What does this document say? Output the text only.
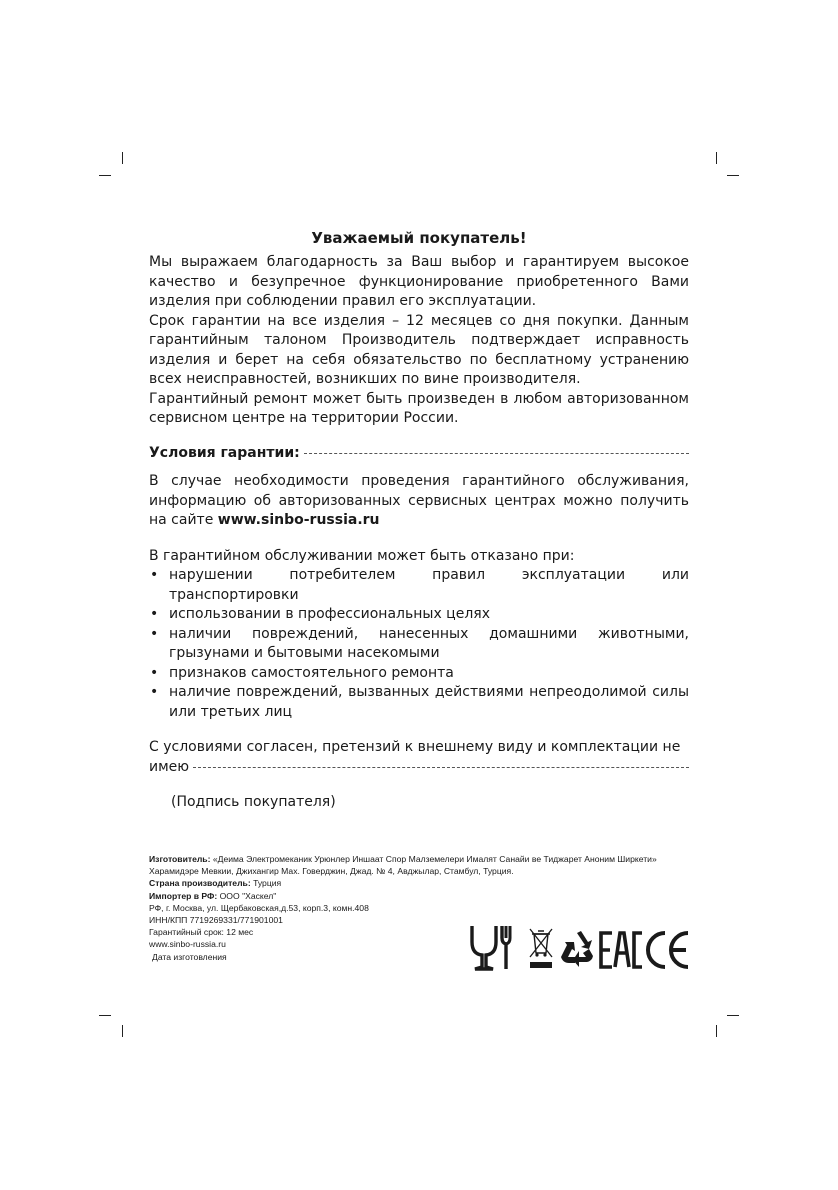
Уважаемый покупатель!

Мы выражаем благодарность за Ваш выбор и гарантируем высокое качество и безупречное функционирование приобретенного Вами изделия при соблюдении правил его эксплуатации.

Срок гарантии на все изделия – 12 месяцев со дня покупки. Данным гарантийным талоном Производитель подтверждает исправность изделия и берет на себя обязательство по бесплатному устранению всех неисправностей, возникших по вине производителя.

Гарантийный ремонт может быть произведен в любом авторизованном сервисном центре на территории России.

Условия гарантии:

В случае необходимости проведения гарантийного обслуживания, информацию об авторизованных сервисных центрах можно получить на сайте www.sinbo-russia.ru

В гарантийном обслуживании может быть отказано при:

• нарушении потребителем правил эксплуатации или транспортировки
• использовании в профессиональных целях
• наличии повреждений, нанесенных домашними животными, грызунами и бытовыми насекомыми
• признаков самостоятельного ремонта
• наличие повреждений, вызванных действиями непреодолимой силы или третьих лиц

С условиями согласен, претензий к внешнему виду и комплектации не

имею
(Подпись покупателя)

Изготовитель: «Деима Электромеканик Урюнлер Иншаат Спор Малземелери Ималят Санайи ве Тиджарет Аноним Ширкети» Харамидэре Мевкии, Джихангир Мах. Говерджин, Джад. № 4, Авджылар, Стамбул, Турция.

Страна производитель: Турция

Импортер в РФ: ООО "Хаскел"

РФ, г. Москва, ул. Щербаковская,д.53, корп.3, комн.408

ИНН/КПП 7719269331/771901001

Гарантийный срок: 12 мес

www.sinbo-russia.ru

Дата изготовления
